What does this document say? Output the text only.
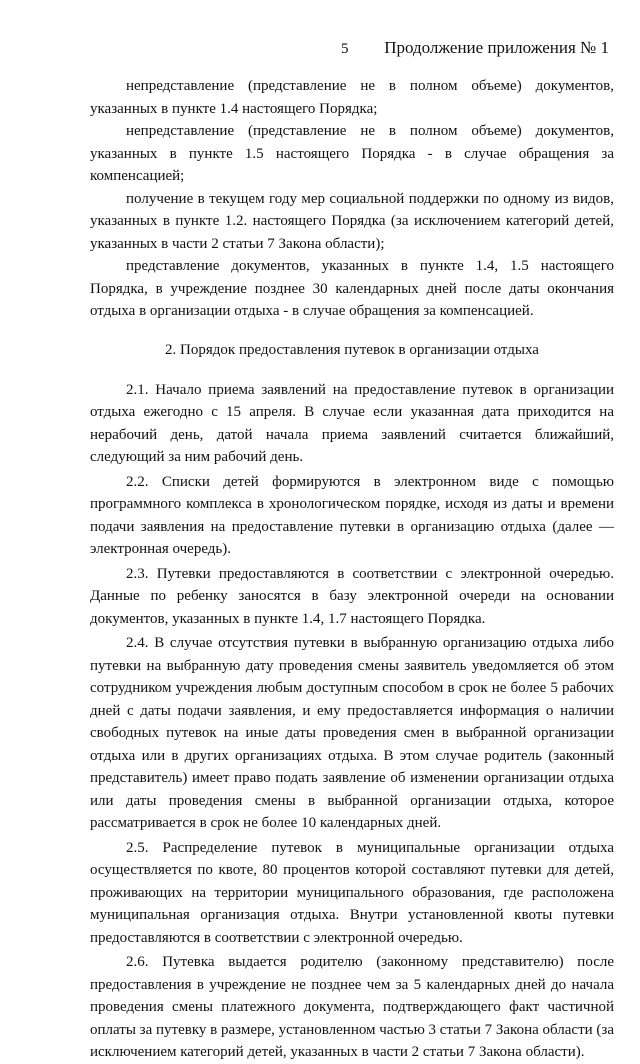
5 Продолжение приложения № 1

непредставление (представление не в полном объеме) документов, указанных в пункте 1.4 настоящего Порядка;

непредставление (представление не в полном объеме) документов, указанных в пункте 1.5 настоящего Порядка - в случае обращения за компенсацией;

получение в текущем году мер социальной поддержки по одному из видов, указанных в пункте 1.2. настоящего Порядка (за исключением категорий детей, указанных в части 2 статьи 7 Закона области);

представление документов, указанных в пункте 1.4, 1.5 настоящего Порядка, в учреждение позднее 30 календарных дней после даты окончания отдыха в организации отдыха - в случае обращения за компенсацией.

2. Порядок предоставления путевок в организации отдыха

2.1. Начало приема заявлений на предоставление путевок в организации отдыха ежегодно с 15 апреля. В случае если указанная дата приходится на нерабочий день, датой начала приема заявлений считается ближайший, следующий за ним рабочий день.

2.2. Списки детей формируются в электронном виде с помощью программного комплекса в хронологическом порядке, исходя из даты и времени подачи заявления на предоставление путевки в организацию отдыха (далее — электронная очередь).

2.3. Путевки предоставляются в соответствии с электронной очередью. Данные по ребенку заносятся в базу электронной очереди на основании документов, указанных в пункте 1.4, 1.7 настоящего Порядка.

2.4. В случае отсутствия путевки в выбранную организацию отдыха либо путевки на выбранную дату проведения смены заявитель уведомляется об этом сотрудником учреждения любым доступным способом в срок не более 5 рабочих дней с даты подачи заявления, и ему предоставляется информация о наличии свободных путевок на иные даты проведения смен в выбранной организации отдыха или в других организациях отдыха. В этом случае родитель (законный представитель) имеет право подать заявление об изменении организации отдыха или даты проведения смены в выбранной организации отдыха, которое рассматривается в срок не более 10 календарных дней.

2.5. Распределение путевок в муниципальные организации отдыха осуществляется по квоте, 80 процентов которой составляют путевки для детей, проживающих на территории муниципального образования, где расположена муниципальная организация отдыха. Внутри установленной квоты путевки предоставляются в соответствии с электронной очередью.

2.6. Путевка выдается родителю (законному представителю) после предоставления в учреждение не позднее чем за 5 календарных дней до начала проведения смены платежного документа, подтверждающего факт частичной оплаты за путевку в размере, установленном частью 3 статьи 7 Закона области (за исключением категорий детей, указанных в части 2 статьи 7 Закона области).
